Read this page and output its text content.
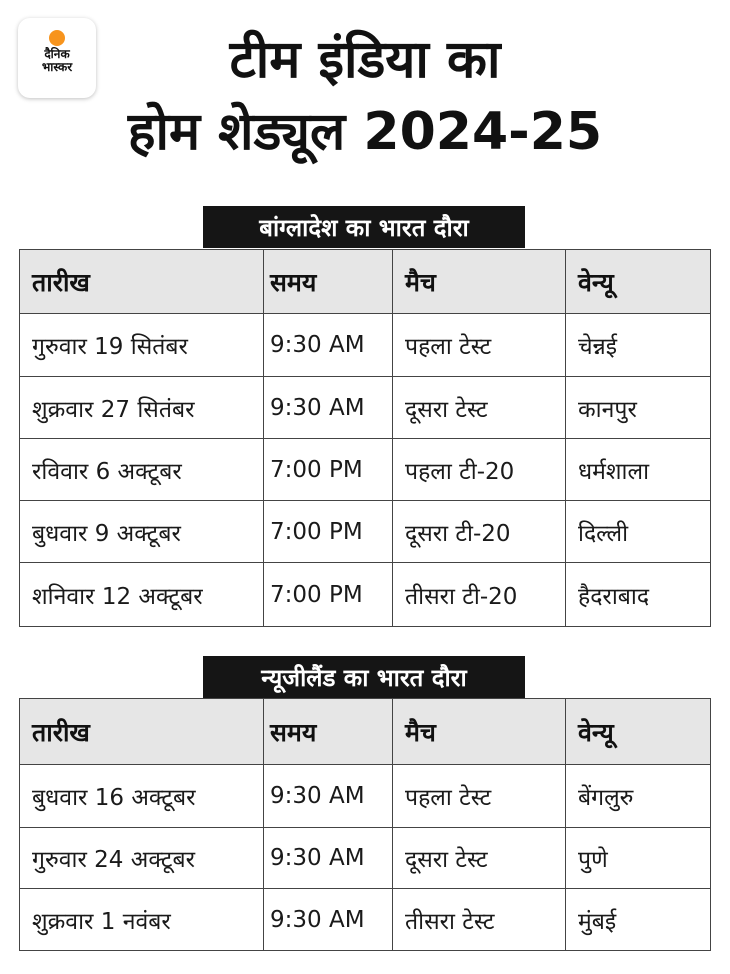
दैनिक
भास्कर	टीम इंडिया का
होम शेड्यूल 2024-25
बांग्लादेश का भारत दौरा
तारीख	समय	मैच	वेन्यू
गुरुवार 19 सितंबर	9:30 AM	पहला टेस्ट	चेन्नई
शुक्रवार 27 सितंबर	9:30 AM	दूसरा टेस्ट	कानपुर
रविवार 6 अक्टूबर	7:00 PM	पहला टी-20	धर्मशाला
बुधवार 9 अक्टूबर	7:00 PM	दूसरा टी-20	दिल्ली
शनिवार 12 अक्टूबर	7:00 PM	तीसरा टी-20	हैदराबाद
न्यूजीलैंड का भारत दौरा
तारीख	समय	मैच	वेन्यू
बुधवार 16 अक्टूबर	9:30 AM	पहला टेस्ट	बेंगलुरु
गुरुवार 24 अक्टूबर	9:30 AM	दूसरा टेस्ट	पुणे
शुक्रवार 1 नवंबर	9:30 AM	तीसरा टेस्ट	मुंबई
